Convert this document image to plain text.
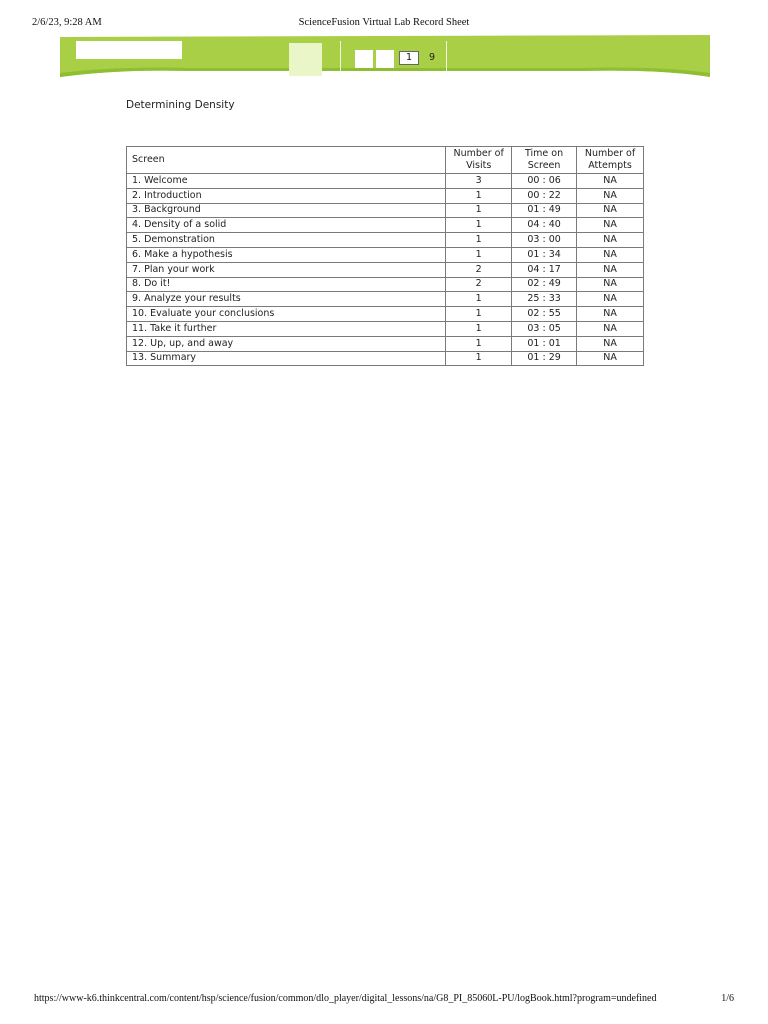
2/6/23, 9:28 AM	ScienceFusion Virtual Lab Record Sheet
1	9
Determining Density
Screen	Number of Visits	Time on Screen	Number of Attempts
1. Welcome	3	00 : 06	NA
2. Introduction	1	00 : 22	NA
3. Background	1	01 : 49	NA
4. Density of a solid	1	04 : 40	NA
5. Demonstration	1	03 : 00	NA
6. Make a hypothesis	1	01 : 34	NA
7. Plan your work	2	04 : 17	NA
8. Do it!	2	02 : 49	NA
9. Analyze your results	1	25 : 33	NA
10. Evaluate your conclusions	1	02 : 55	NA
11. Take it further	1	03 : 05	NA
12. Up, up, and away	1	01 : 01	NA
13. Summary	1	01 : 29	NA
https://www-k6.thinkcentral.com/content/hsp/science/fusion/common/dlo_player/digital_lessons/na/G8_PI_85060L-PU/logBook.html?program=undefined	1/6
